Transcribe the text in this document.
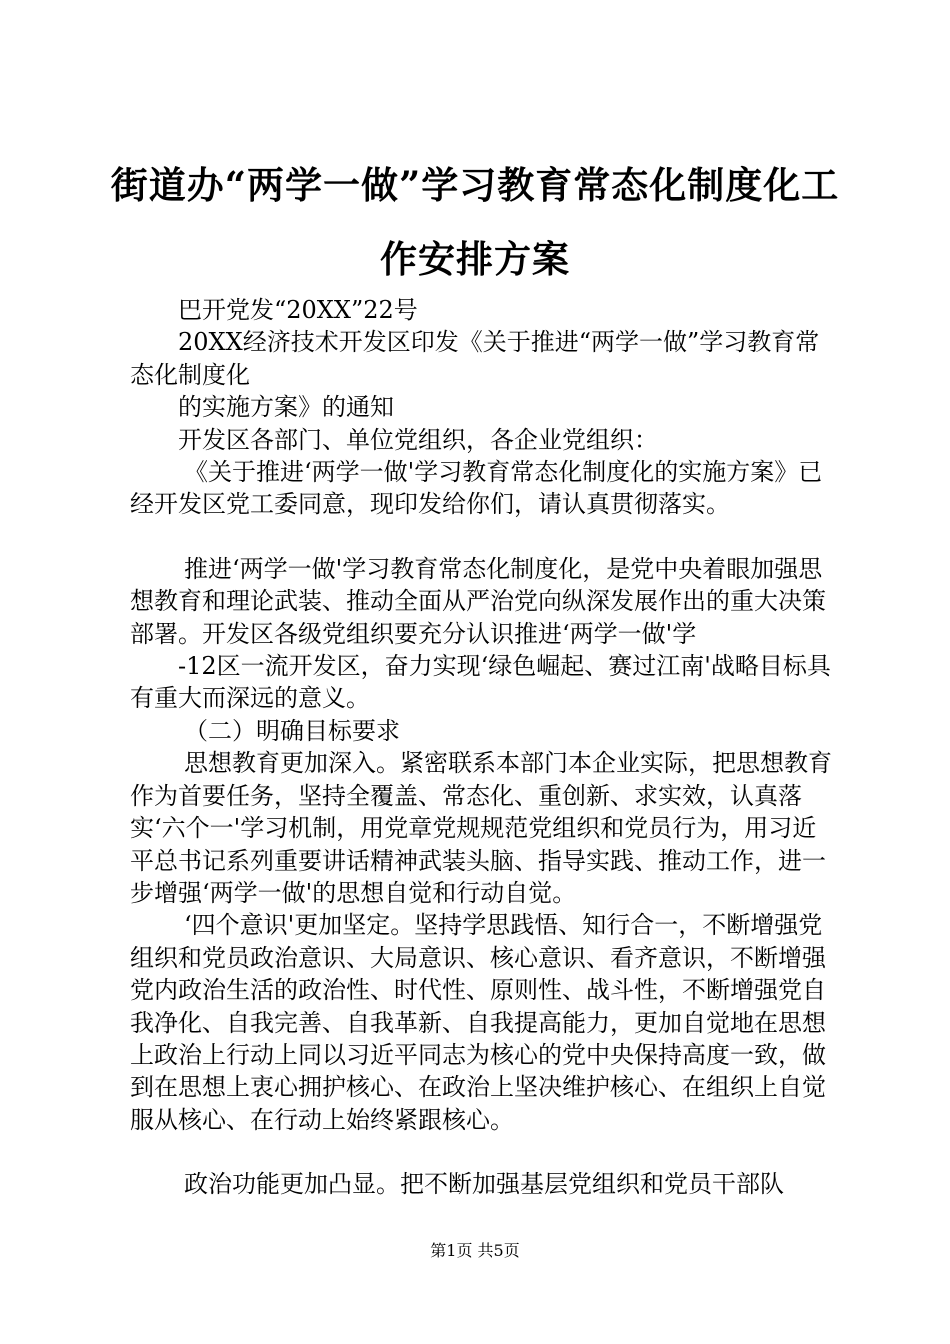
街道办“两学一做”学习教育常态化制度化工
作安排方案

巴开党发“20XX”22号

20XX经济技术开发区印发《关于推进“两学一做”学习教育常态化制度化

的实施方案》的通知

开发区各部门、单位党组织，各企业党组织：

《关于推进‘两学一做'学习教育常态化制度化的实施方案》已经开发区党工委同意，现印发给你们，请认真贯彻落实。

推进‘两学一做'学习教育常态化制度化，是党中央着眼加强思想教育和理论武装、推动全面从严治党向纵深发展作出的重大决策部署。开发区各级党组织要充分认识推进‘两学一做'学

-12区一流开发区，奋力实现‘绿色崛起、赛过江南'战略目标具有重大而深远的意义。

（二）明确目标要求

思想教育更加深入。紧密联系本部门本企业实际，把思想教育作为首要任务，坚持全覆盖、常态化、重创新、求实效，认真落实‘六个一'学习机制，用党章党规规范党组织和党员行为，用习近平总书记系列重要讲话精神武装头脑、指导实践、推动工作，进一步增强‘两学一做'的思想自觉和行动自觉。

‘四个意识'更加坚定。坚持学思践悟、知行合一，不断增强党组织和党员政治意识、大局意识、核心意识、看齐意识，不断增强党内政治生活的政治性、时代性、原则性、战斗性，不断增强党自我净化、自我完善、自我革新、自我提高能力，更加自觉地在思想上政治上行动上同以习近平同志为核心的党中央保持高度一致，做到在思想上衷心拥护核心、在政治上坚决维护核心、在组织上自觉服从核心、在行动上始终紧跟核心。

政治功能更加凸显。把不断加强基层党组织和党员干部队

第1页 共5页
